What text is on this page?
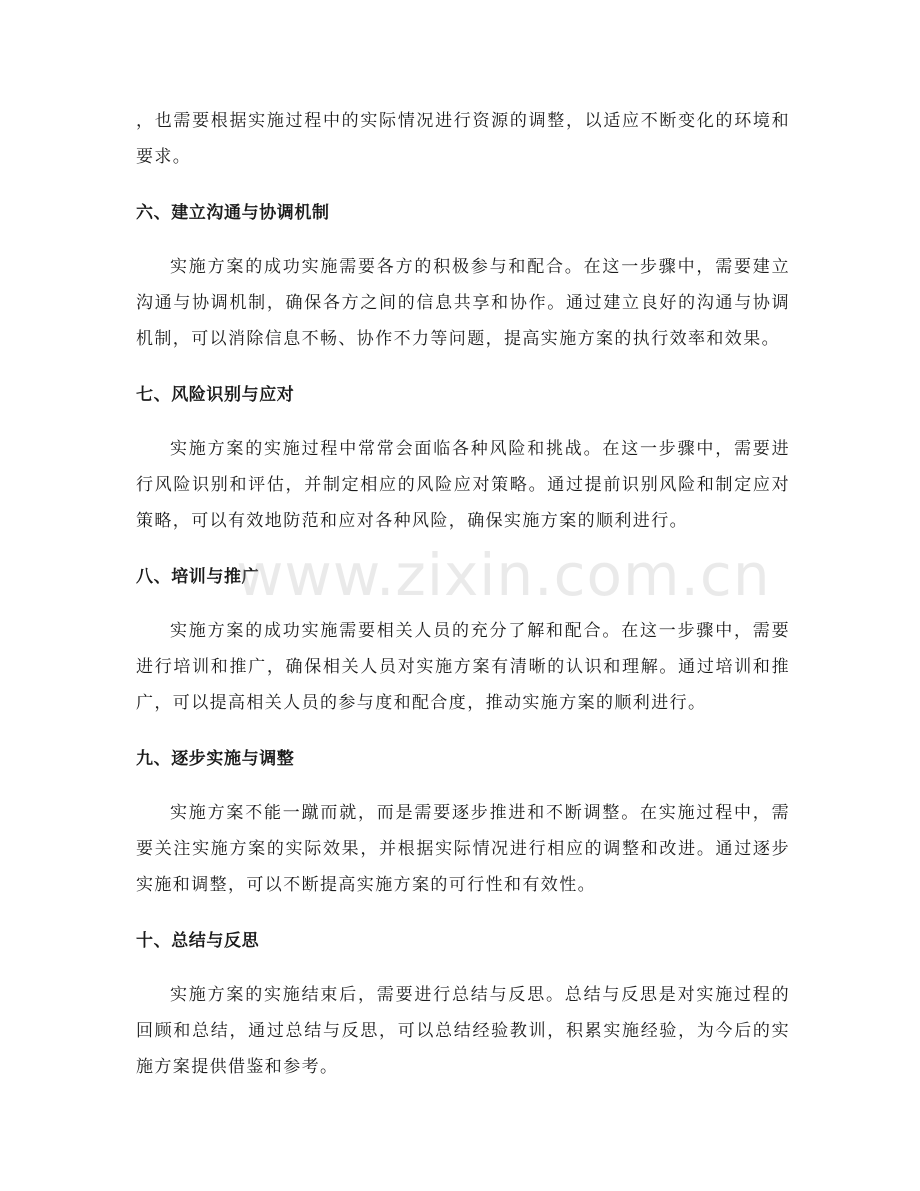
，也需要根据实施过程中的实际情况进行资源的调整，以适应不断变化的环境和要求。

六、建立沟通与协调机制

实施方案的成功实施需要各方的积极参与和配合。在这一步骤中，需要建立沟通与协调机制，确保各方之间的信息共享和协作。通过建立良好的沟通与协调机制，可以消除信息不畅、协作不力等问题，提高实施方案的执行效率和效果。

七、风险识别与应对

实施方案的实施过程中常常会面临各种风险和挑战。在这一步骤中，需要进行风险识别和评估，并制定相应的风险应对策略。通过提前识别风险和制定应对策略，可以有效地防范和应对各种风险，确保实施方案的顺利进行。

八、培训与推广

实施方案的成功实施需要相关人员的充分了解和配合。在这一步骤中，需要进行培训和推广，确保相关人员对实施方案有清晰的认识和理解。通过培训和推广，可以提高相关人员的参与度和配合度，推动实施方案的顺利进行。

九、逐步实施与调整

实施方案不能一蹴而就，而是需要逐步推进和不断调整。在实施过程中，需要关注实施方案的实际效果，并根据实际情况进行相应的调整和改进。通过逐步实施和调整，可以不断提高实施方案的可行性和有效性。

十、总结与反思

实施方案的实施结束后，需要进行总结与反思。总结与反思是对实施过程的回顾和总结，通过总结与反思，可以总结经验教训，积累实施经验，为今后的实施方案提供借鉴和参考。

www.zixin.com.cn
